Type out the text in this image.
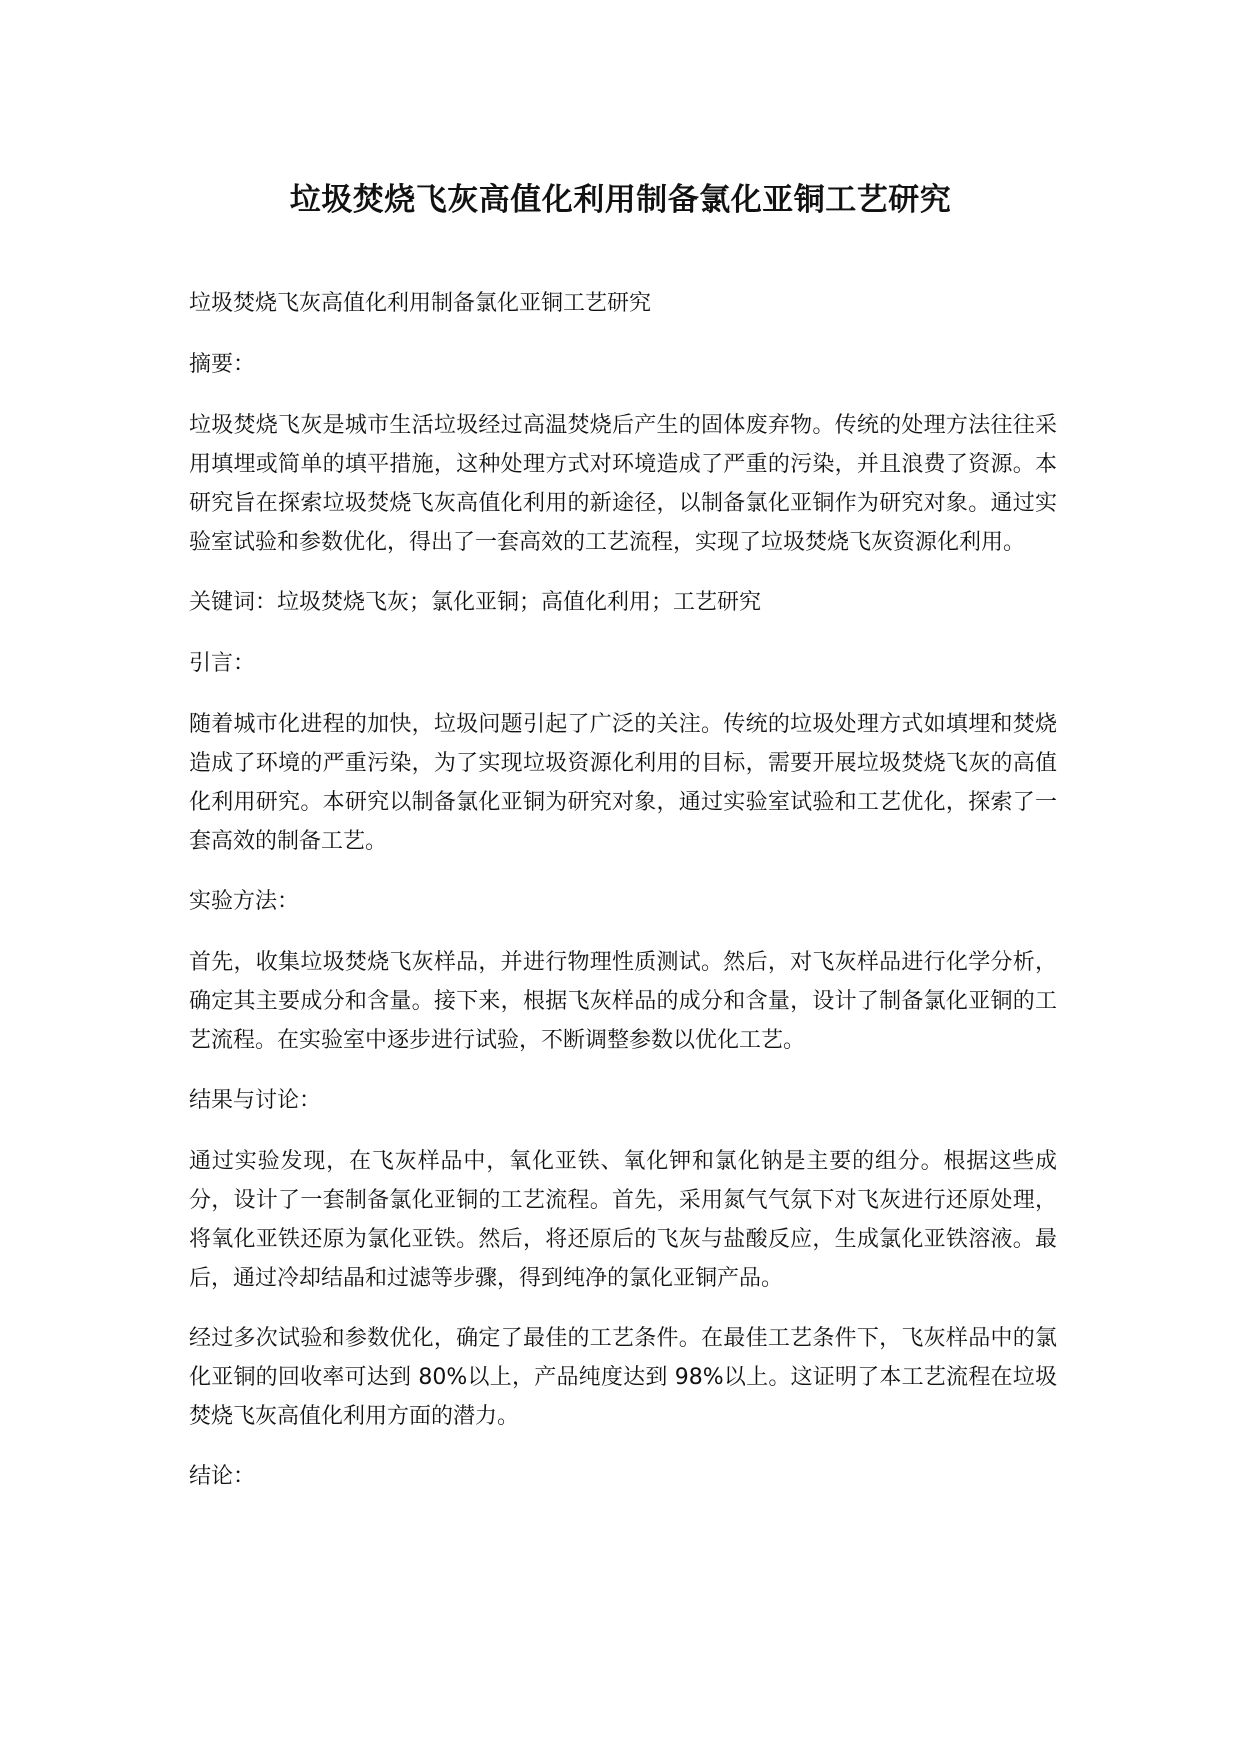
垃圾焚烧飞灰高值化利用制备氯化亚铜工艺研究

垃圾焚烧飞灰高值化利用制备氯化亚铜工艺研究

摘要：

垃圾焚烧飞灰是城市生活垃圾经过高温焚烧后产生的固体废弃物。传统的处理方法往往采用填埋或简单的填平措施，这种处理方式对环境造成了严重的污染，并且浪费了资源。本研究旨在探索垃圾焚烧飞灰高值化利用的新途径，以制备氯化亚铜作为研究对象。通过实验室试验和参数优化，得出了一套高效的工艺流程，实现了垃圾焚烧飞灰资源化利用。

关键词：垃圾焚烧飞灰；氯化亚铜；高值化利用；工艺研究

引言：

随着城市化进程的加快，垃圾问题引起了广泛的关注。传统的垃圾处理方式如填埋和焚烧造成了环境的严重污染，为了实现垃圾资源化利用的目标，需要开展垃圾焚烧飞灰的高值化利用研究。本研究以制备氯化亚铜为研究对象，通过实验室试验和工艺优化，探索了一套高效的制备工艺。

实验方法：

首先，收集垃圾焚烧飞灰样品，并进行物理性质测试。然后，对飞灰样品进行化学分析，确定其主要成分和含量。接下来，根据飞灰样品的成分和含量，设计了制备氯化亚铜的工艺流程。在实验室中逐步进行试验，不断调整参数以优化工艺。

结果与讨论：

通过实验发现，在飞灰样品中，氧化亚铁、氧化钾和氯化钠是主要的组分。根据这些成分，设计了一套制备氯化亚铜的工艺流程。首先，采用氮气气氛下对飞灰进行还原处理，将氧化亚铁还原为氯化亚铁。然后，将还原后的飞灰与盐酸反应，生成氯化亚铁溶液。最后，通过冷却结晶和过滤等步骤，得到纯净的氯化亚铜产品。

经过多次试验和参数优化，确定了最佳的工艺条件。在最佳工艺条件下，飞灰样品中的氯化亚铜的回收率可达到 80%以上，产品纯度达到 98%以上。这证明了本工艺流程在垃圾焚烧飞灰高值化利用方面的潜力。

结论：
